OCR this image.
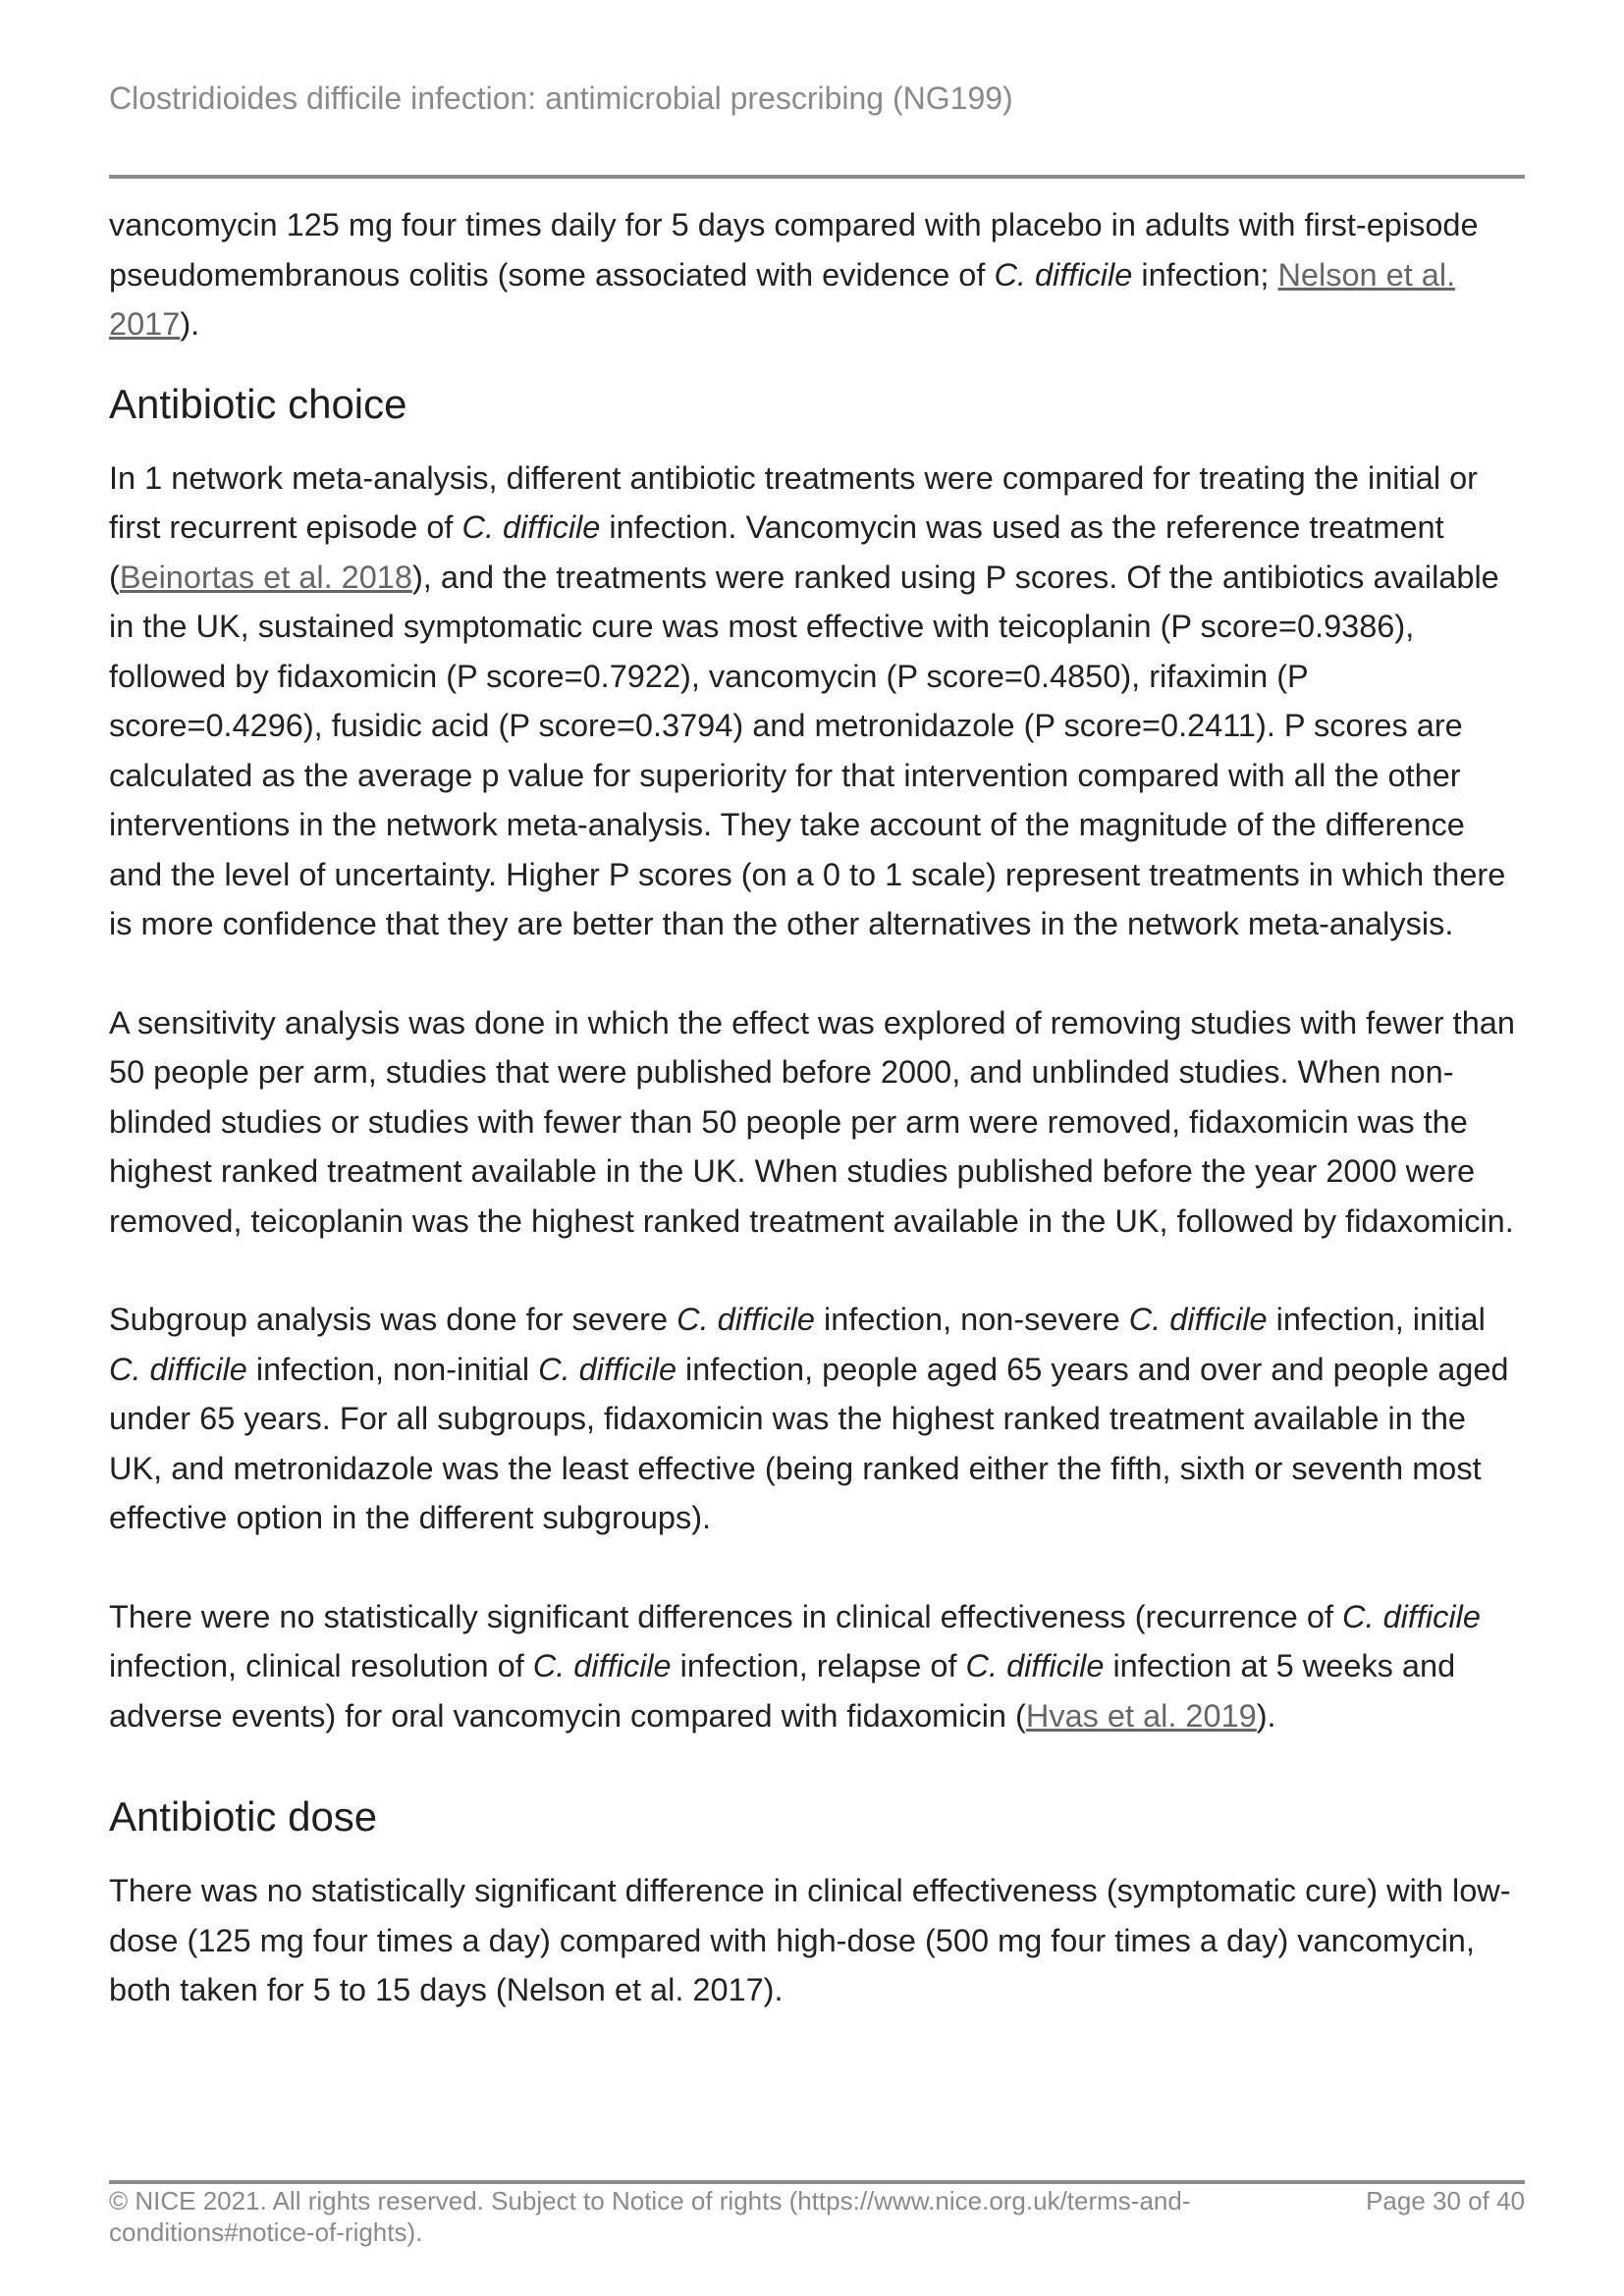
Clostridioides difficile infection: antimicrobial prescribing (NG199)

vancomycin 125 mg four times daily for 5 days compared with placebo in adults with first-episode pseudomembranous colitis (some associated with evidence of C. difficile infection; Nelson et al. 2017).

Antibiotic choice

In 1 network meta-analysis, different antibiotic treatments were compared for treating the initial or first recurrent episode of C. difficile infection. Vancomycin was used as the reference treatment (Beinortas et al. 2018), and the treatments were ranked using P scores. Of the antibiotics available in the UK, sustained symptomatic cure was most effective with teicoplanin (P score=0.9386), followed by fidaxomicin (P score=0.7922), vancomycin (P score=0.4850), rifaximin (P score=0.4296), fusidic acid (P score=0.3794) and metronidazole (P score=0.2411). P scores are calculated as the average p value for superiority for that intervention compared with all the other interventions in the network meta-analysis. They take account of the magnitude of the difference and the level of uncertainty. Higher P scores (on a 0 to 1 scale) represent treatments in which there is more confidence that they are better than the other alternatives in the network meta-analysis.

A sensitivity analysis was done in which the effect was explored of removing studies with fewer than 50 people per arm, studies that were published before 2000, and unblinded studies. When non-blinded studies or studies with fewer than 50 people per arm were removed, fidaxomicin was the highest ranked treatment available in the UK. When studies published before the year 2000 were removed, teicoplanin was the highest ranked treatment available in the UK, followed by fidaxomicin.

Subgroup analysis was done for severe C. difficile infection, non-severe C. difficile infection, initial C. difficile infection, non-initial C. difficile infection, people aged 65 years and over and people aged under 65 years. For all subgroups, fidaxomicin was the highest ranked treatment available in the UK, and metronidazole was the least effective (being ranked either the fifth, sixth or seventh most effective option in the different subgroups).

There were no statistically significant differences in clinical effectiveness (recurrence of C. difficile infection, clinical resolution of C. difficile infection, relapse of C. difficile infection at 5 weeks and adverse events) for oral vancomycin compared with fidaxomicin (Hvas et al. 2019).

Antibiotic dose

There was no statistically significant difference in clinical effectiveness (symptomatic cure) with low-dose (125 mg four times a day) compared with high-dose (500 mg four times a day) vancomycin, both taken for 5 to 15 days (Nelson et al. 2017).

© NICE 2021. All rights reserved. Subject to Notice of rights (https://www.nice.org.uk/terms-and-conditions#notice-of-rights).
Page 30 of 40
